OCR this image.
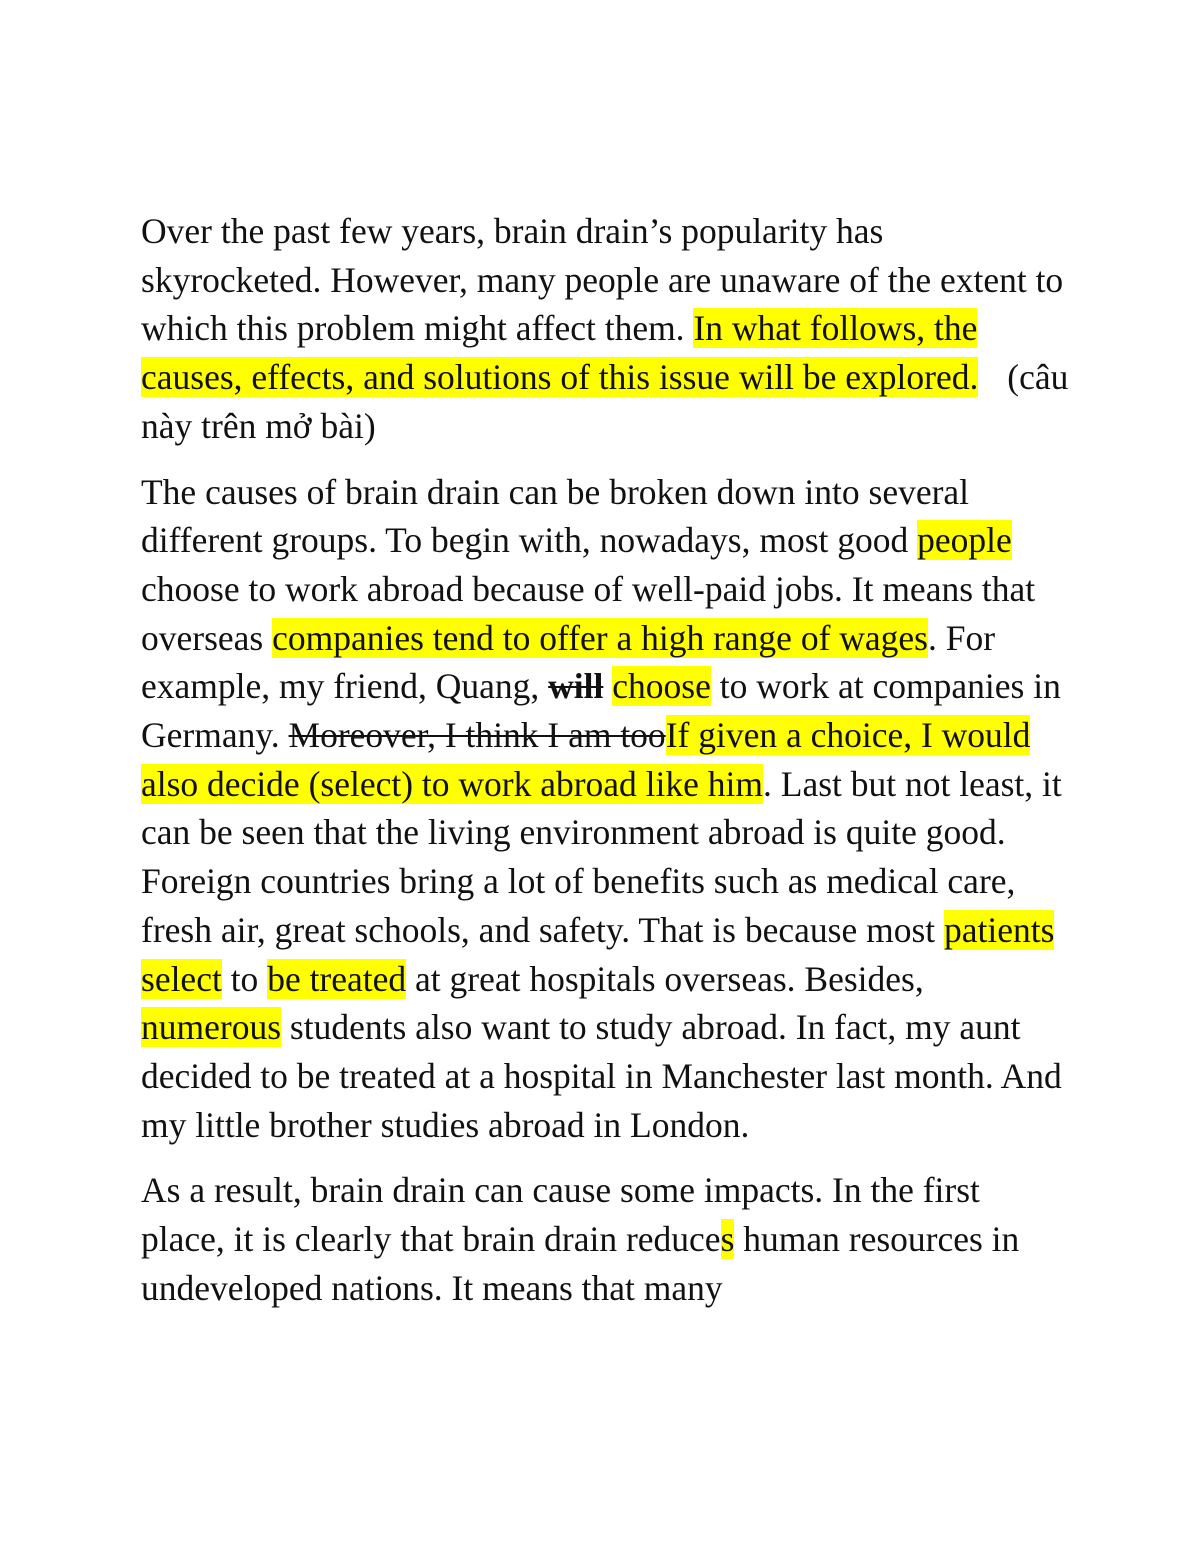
Over the past few years, brain drain’s popularity has skyrocketed. However, many people are unaware of the extent to which this problem might affect them. In what follows, the causes, effects, and solutions of this issue will be explored. (câu này trên mở bài)

The causes of brain drain can be broken down into several different groups. To begin with, nowadays, most good people choose to work abroad because of well-paid jobs. It means that overseas companies tend to offer a high range of wages. For example, my friend, Quang, will choose to work at companies in Germany. Moreover, I think I am tooIf given a choice, I would also decide (select) to work abroad like him. Last but not least, it can be seen that the living environment abroad is quite good. Foreign countries bring a lot of benefits such as medical care, fresh air, great schools, and safety. That is because most patients select to be treated at great hospitals overseas. Besides, numerous students also want to study abroad. In fact, my aunt decided to be treated at a hospital in Manchester last month. And my little brother studies abroad in London.

As a result, brain drain can cause some impacts. In the first place, it is clearly that brain drain reduces human resources in undeveloped nations. It means that many
